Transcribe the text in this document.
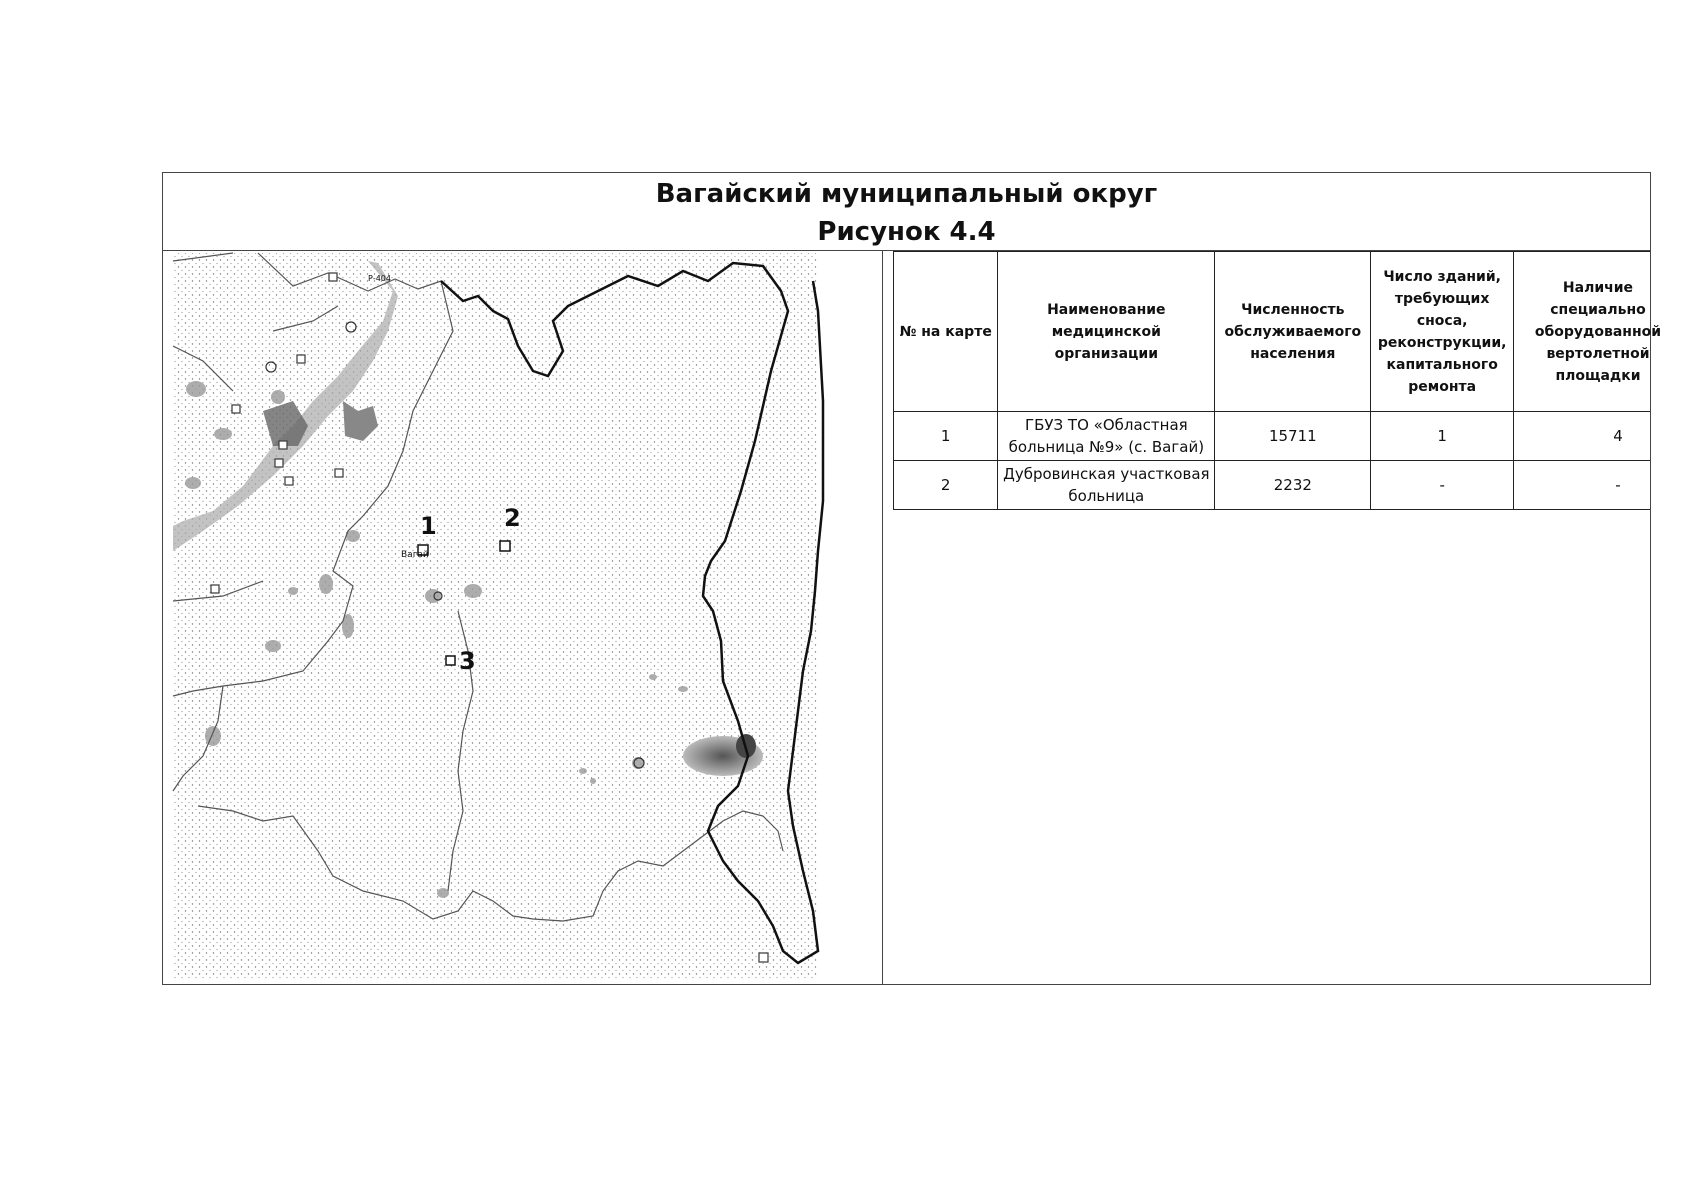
Вагайский муниципальный округ
Рисунок 4.4
1	2
3
Р-404
Вагай
№ на карте	Наименование медицинской организации	Численность обслуживаемого населения	Число зданий, требующих сноса, реконструкции, капитального ремонта	Наличие специально оборудованной вертолетной площадки
1	ГБУЗ ТО «Областная больница №9» (с. Вагай)	15711	1	4
2	Дубровинская участковая больница	2232	-	-
